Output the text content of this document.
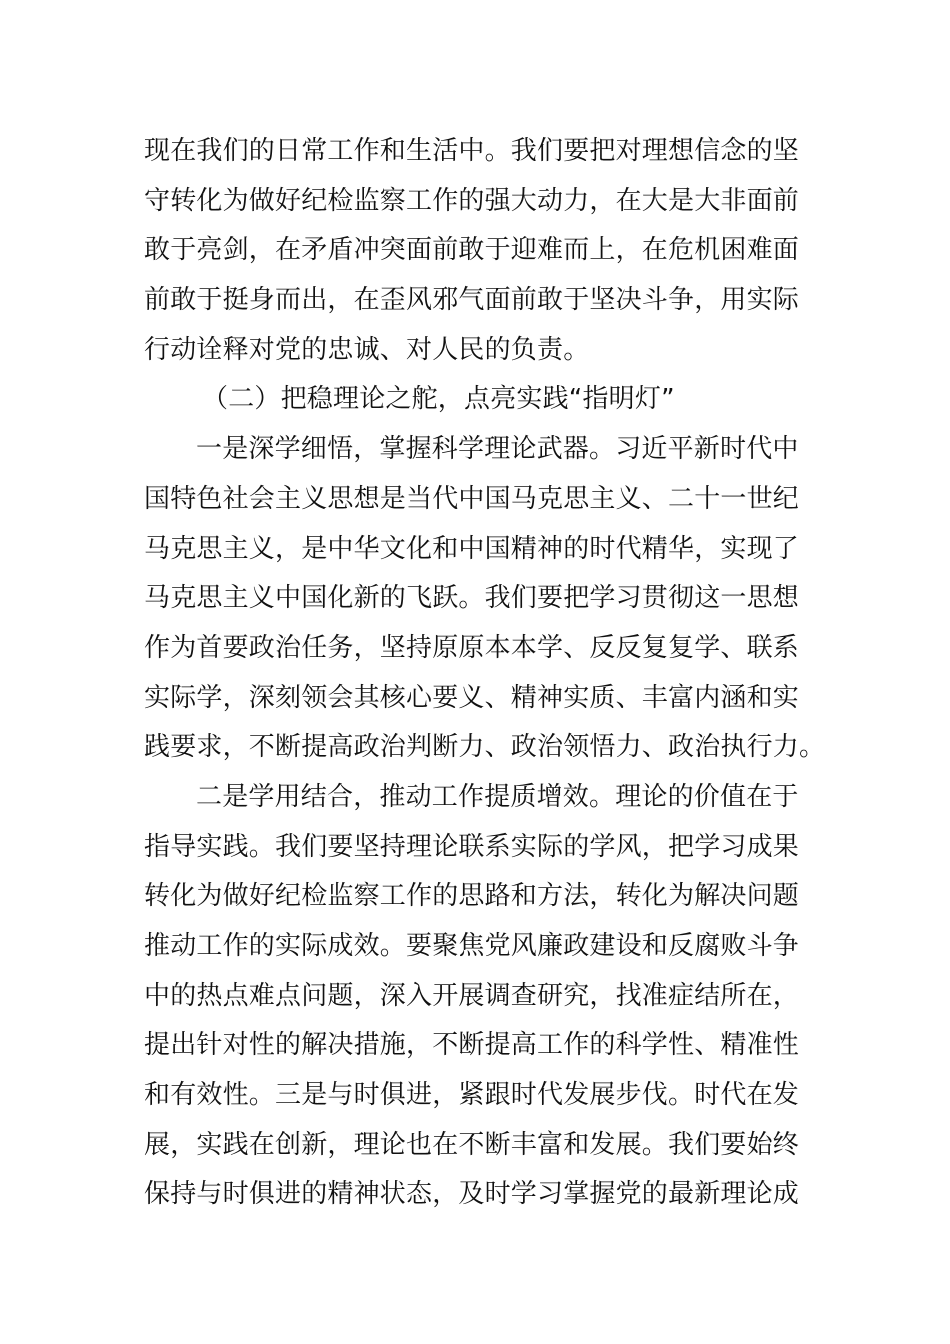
现在我们的日常工作和生活中。我们要把对理想信念的坚
守转化为做好纪检监察工作的强大动力，在大是大非面前
敢于亮剑，在矛盾冲突面前敢于迎难而上，在危机困难面
前敢于挺身而出，在歪风邪气面前敢于坚决斗争，用实际
行动诠释对党的忠诚、对人民的负责。
（二）把稳理论之舵，点亮实践“指明灯”
一是深学细悟，掌握科学理论武器。习近平新时代中
国特色社会主义思想是当代中国马克思主义、二十一世纪
马克思主义，是中华文化和中国精神的时代精华，实现了
马克思主义中国化新的飞跃。我们要把学习贯彻这一思想
作为首要政治任务，坚持原原本本学、反反复复学、联系
实际学，深刻领会其核心要义、精神实质、丰富内涵和实
践要求，不断提高政治判断力、政治领悟力、政治执行力。
二是学用结合，推动工作提质增效。理论的价值在于
指导实践。我们要坚持理论联系实际的学风，把学习成果
转化为做好纪检监察工作的思路和方法，转化为解决问题
推动工作的实际成效。要聚焦党风廉政建设和反腐败斗争
中的热点难点问题，深入开展调查研究，找准症结所在，
提出针对性的解决措施，不断提高工作的科学性、精准性
和有效性。三是与时俱进，紧跟时代发展步伐。时代在发
展，实践在创新，理论也在不断丰富和发展。我们要始终
保持与时俱进的精神状态，及时学习掌握党的最新理论成
